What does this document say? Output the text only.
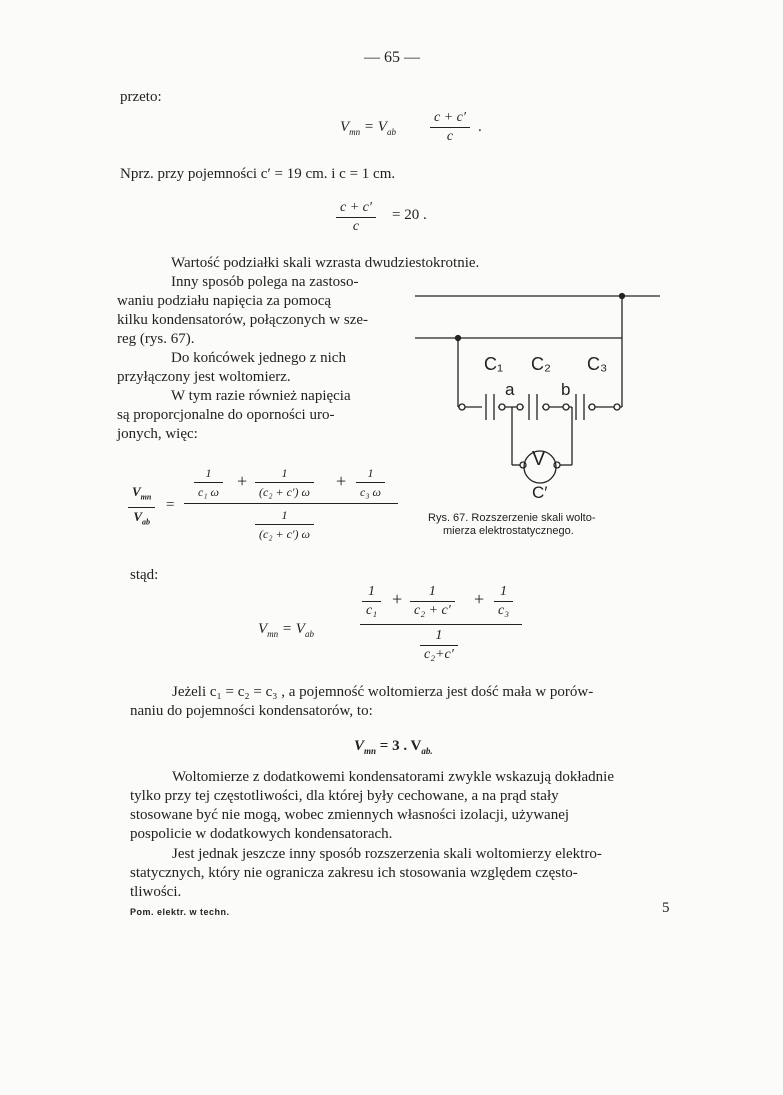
— 65 —
przeto:
$V_{mn} = V_{ab}$
c + c′
c
.
Nprz. przy pojemności c′ = 19 cm. i c = 1 cm.
c + c′
c
= 20 .
Wartość podziałki skali wzrasta dwudziestokrotnie.
Inny sposób polega na zastoso-
waniu podziału napięcia za pomocą
kilku kondensatorów, połączonych w sze-
reg (rys. 67).
Do końcówek jednego z nich
przyłączony jest woltomierz.
W tym razie również napięcia
są proporcjonalne do oporności uro-
jonych, więc:
C₁ C₂ C₃
a	b
V
C′
Rys. 67. Rozszerzenie skali wolto-
mierza elektrostatycznego.
$V_{mn}$
$V_{ab}$
=
1
c₁ ω
+	1
(c₂ + c′) ω
+	1
c₃ ω
1
(c₂ + c′) ω
stąd:
$V_{mn} = V_{ab}$
1
c₁
+ 1
c₂ + c′
+ 1
c₃
1
c₂+c′
Jeżeli c₁ = c₂ = c₃ , a pojemność woltomierza jest dość mała w porów-
naniu do pojemności kondensatorów, to:
$V_{mn} = 3$ . $V_{ab.}$
Woltomierze z dodatkowemi kondensatorami zwykle wskazują dokładnie
tylko przy tej częstotliwości, dla której były cechowane, a na prąd stały
stosowane być nie mogą, wobec zmiennych własności izolacji, używanej
pospolicie w dodatkowych kondensatorach.
Jest jednak jeszcze inny sposób rozszerzenia skali woltomierzy elektro-
statycznych, który nie ogranicza zakresu ich stosowania względem często-
tliwości.
Pom. elektr. w techn.	5
